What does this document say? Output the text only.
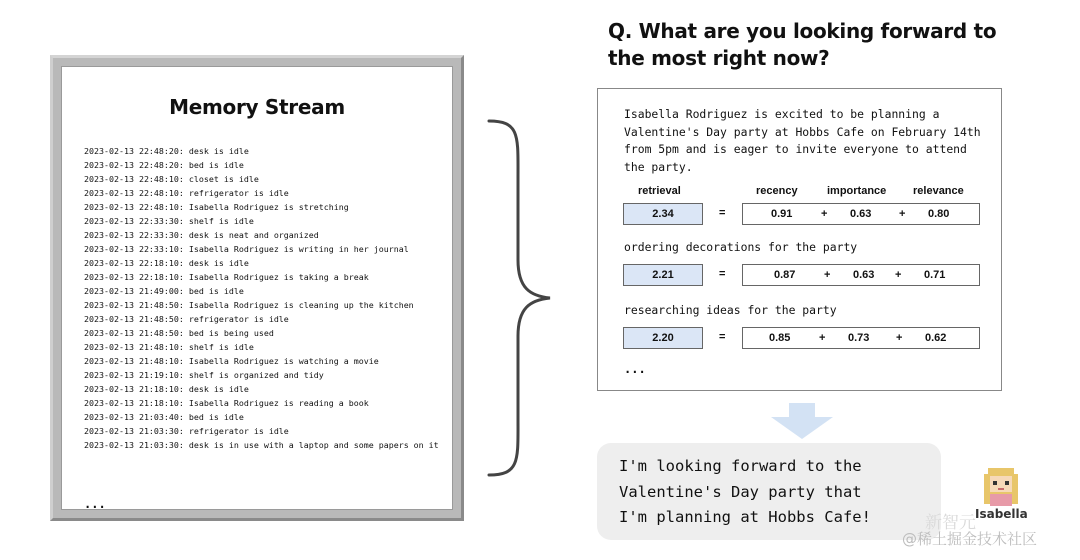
Memory Stream
2023-02-13 22:48:20: desk is idle
2023-02-13 22:48:20: bed is idle
2023-02-13 22:48:10: closet is idle
2023-02-13 22:48:10: refrigerator is idle
2023-02-13 22:48:10: Isabella Rodriguez is stretching
2023-02-13 22:33:30: shelf is idle
2023-02-13 22:33:30: desk is neat and organized
2023-02-13 22:33:10: Isabella Rodriguez is writing in her journal
2023-02-13 22:18:10: desk is idle
2023-02-13 22:18:10: Isabella Rodriguez is taking a break
2023-02-13 21:49:00: bed is idle
2023-02-13 21:48:50: Isabella Rodriguez is cleaning up the kitchen
2023-02-13 21:48:50: refrigerator is idle
2023-02-13 21:48:50: bed is being used
2023-02-13 21:48:10: shelf is idle
2023-02-13 21:48:10: Isabella Rodriguez is watching a movie
2023-02-13 21:19:10: shelf is organized and tidy
2023-02-13 21:18:10: desk is idle
2023-02-13 21:18:10: Isabella Rodriguez is reading a book
2023-02-13 21:03:40: bed is idle
2023-02-13 21:03:30: refrigerator is idle
2023-02-13 21:03:30: desk is in use with a laptop and some papers on it
...
Q. What are you looking forward to the most right now?
Isabella Rodriguez is excited to be planning a Valentine's Day party at Hobbs Cafe on February 14th from 5pm and is eager to invite everyone to attend the party.
retrieval	recency	importance relevance
2.34	=	0.91	+ 0.63	+ 0.80
ordering decorations for the party
2.21	=	0.87	+ 0.63 + 0.71
researching ideas for the party
2.20	=	0.85	+ 0.73 + 0.62
...
I'm looking forward to the
Valentine's Day party that
I'm planning at Hobbs Cafe!	Isabella
新智元
@稀土掘金技术社区
